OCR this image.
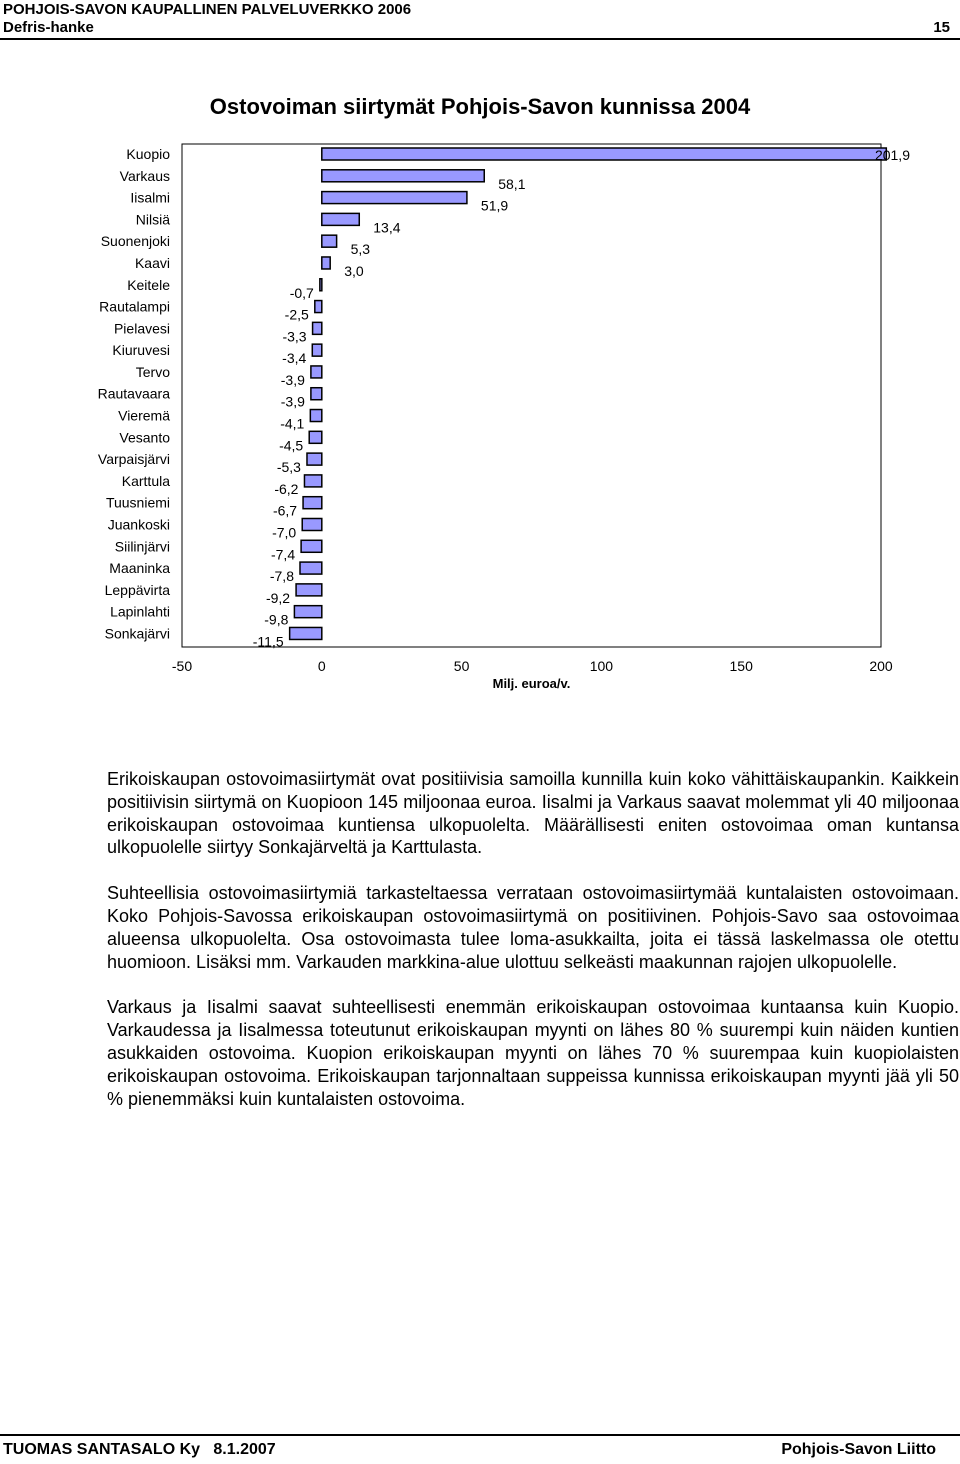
POHJOIS-SAVON KAUPALLINEN PALVELUVERKKO 2006
Defris-hanke	15
Ostovoiman siirtymät Pohjois-Savon kunnissa 2004
Kuopio	201,9
Varkaus	58,1
Iisalmi	51,9
Nilsiä	13,4
Suonenjoki	5,3
Kaavi	3,0
Keitele	-0,7
Rautalampi	-2,5
Pielavesi	-3,3
Kiuruvesi	-3,4
Tervo	-3,9
Rautavaara	-3,9
Vieremä	-4,1
Vesanto	-4,5
Varpaisjärvi	-5,3
Karttula	-6,2
Tuusniemi	-6,7
Juankoski	-7,0
Siilinjärvi	-7,4
Maaninka	-7,8
Leppävirta	-9,2
Lapinlahti	-9,8
Sonkajärvi	-11,5
-50	0	50	100	150	200
Milj. euroa/v.

Erikoiskaupan ostovoimasiirtymät ovat positiivisia samoilla kunnilla kuin koko vähittäiskaupankin. Kaikkein positiivisin siirtymä on Kuopioon 145 miljoonaa euroa. Iisalmi ja Varkaus saavat molemmat yli 40 miljoonaa erikoiskaupan ostovoimaa kuntiensa ulkopuolelta. Määrällisesti eniten ostovoimaa oman kuntansa ulkopuolelle siirtyy Sonkajärveltä ja Karttulasta.

Suhteellisia ostovoimasiirtymiä tarkasteltaessa verrataan ostovoimasiirtymää kuntalaisten ostovoimaan. Koko Pohjois-Savossa erikoiskaupan ostovoimasiirtymä on positiivinen. Pohjois-Savo saa ostovoimaa alueensa ulkopuolelta. Osa ostovoimasta tulee loma-asukkailta, joita ei tässä laskelmassa ole otettu huomioon. Lisäksi mm. Varkauden markkina-alue ulottuu selkeästi maakunnan rajojen ulkopuolelle.

Varkaus ja Iisalmi saavat suhteellisesti enemmän erikoiskaupan ostovoimaa kuntaansa kuin Kuopio. Varkaudessa ja Iisalmessa toteutunut erikoiskaupan myynti on lähes 80 % suurempi kuin näiden kuntien asukkaiden ostovoima. Kuopion erikoiskaupan myynti on lähes 70 % suurempaa kuin kuopiolaisten erikoiskaupan ostovoima. Erikoiskaupan tarjonnaltaan suppeissa kunnissa erikoiskaupan myynti jää yli 50 % pienemmäksi kuin kuntalaisten ostovoima.

TUOMAS SANTASALO Ky   8.1.2007	Pohjois-Savon Liitto
